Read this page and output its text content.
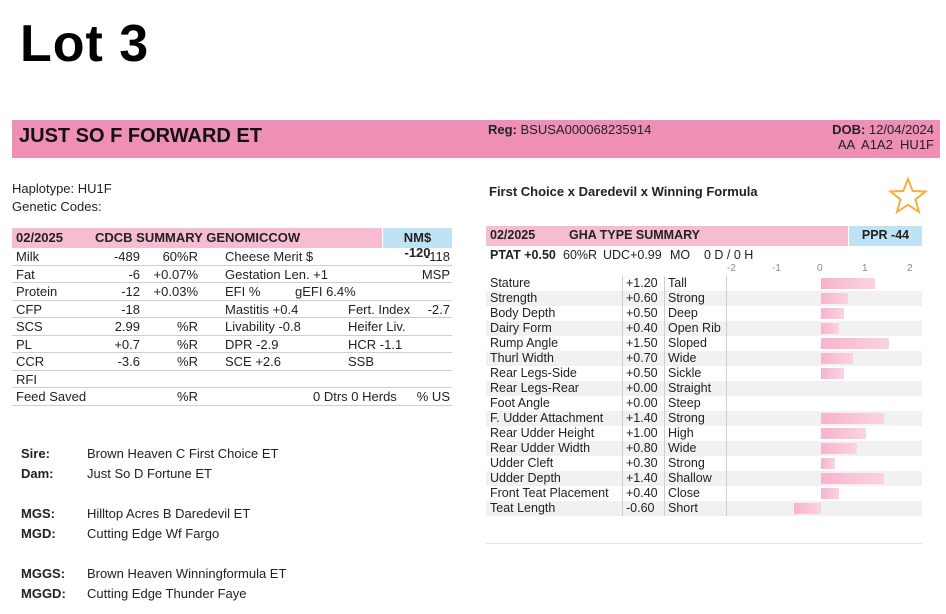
Lot 3
JUST SO F FORWARD ET	Reg: BSUSA000068235914	DOB: 12/04/2024
AA  A1A2  HU1F
Haplotype: HU1F
Genetic Codes:
First Choice x Daredevil x Winning Formula
02/2025	CDCB SUMMARY GENOMICCOW	NM$ -120
Milk	-489 60%R Cheese Merit $	-118
Fat	-6 +0.07% Gestation Len. +1	MSP
Protein	-12 +0.03% EFI %	gEFI 6.4%
CFP	-18	Mastitis +0.4	Fert. Index -2.7
SCS	2.99	%R Livability -0.8	Heifer Liv.
PL	+0.7	%R DPR -2.9	HCR -1.1
CCR	-3.6	%R SCE +2.6	SSB
RFI
Feed Saved	%R	0 Dtrs 0 Herds % US
Sire:	Brown Heaven C First Choice ET
Dam:	Just So D Fortune ET
MGS: Hilltop Acres B Daredevil ET
MGD: Cutting Edge Wf Fargo
MGGS: Brown Heaven Winningformula ET
MGGD: Cutting Edge Thunder Faye
02/2025	GHA TYPE SUMMARY	PPR -44
PTAT +0.50 60%R UDC+0.99 MO 0 D / 0 H
-2	-1	0	1	2
Stature	+1.20 Tall
Strength	+0.60 Strong
Body Depth	+0.50 Deep
Dairy Form	+0.40 Open Rib
Rump Angle	+1.50 Sloped
Thurl Width	+0.70 Wide
Rear Legs-Side	+0.50 Sickle
Rear Legs-Rear	+0.00 Straight
Foot Angle	+0.00 Steep
F. Udder Attachment +1.40 Strong
Rear Udder Height	+1.00 High
Rear Udder Width	+0.80 Wide
Udder Cleft	+0.30 Strong
Udder Depth	+1.40 Shallow
Front Teat Placement +0.40 Close
Teat Length	-0.60 Short
